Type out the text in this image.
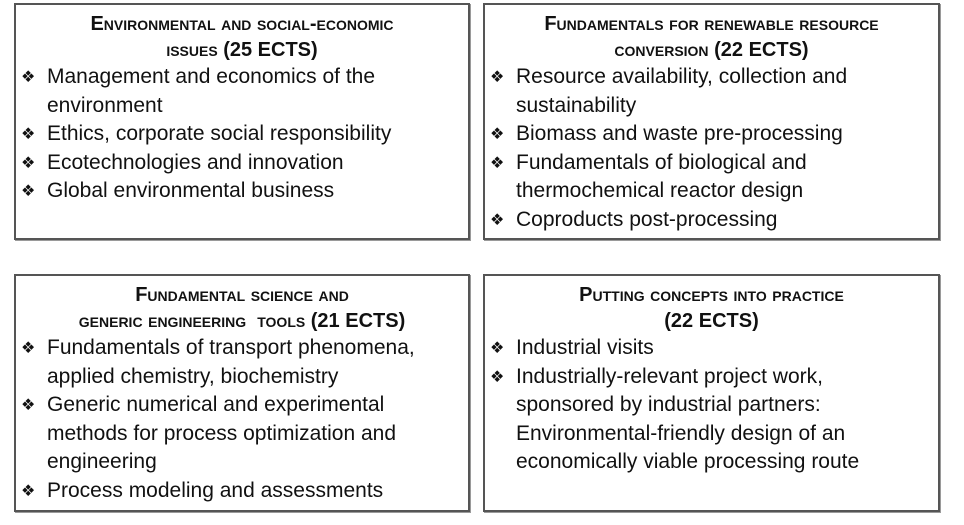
Environmental and social-economic
issues (25 ECTS)
❖ Management and economics of the
environment
❖ Ethics, corporate social responsibility
❖ Ecotechnologies and innovation
❖ Global environmental business
Fundamentals for renewable resource
conversion (22 ECTS)
❖ Resource availability, collection and
sustainability
❖ Biomass and waste pre-processing
❖ Fundamentals of biological and
thermochemical reactor design
❖ Coproducts post-processing
Fundamental science and
generic engineering  tools (21 ECTS)
❖ Fundamentals of transport phenomena,
applied chemistry, biochemistry
❖ Generic numerical and experimental
methods for process optimization and
engineering
❖ Process modeling and assessments
Putting concepts into practice
(22 ECTS)
❖ Industrial visits
❖ Industrially-relevant project work,
sponsored by industrial partners:
Environmental-friendly design of an
economically viable processing route
